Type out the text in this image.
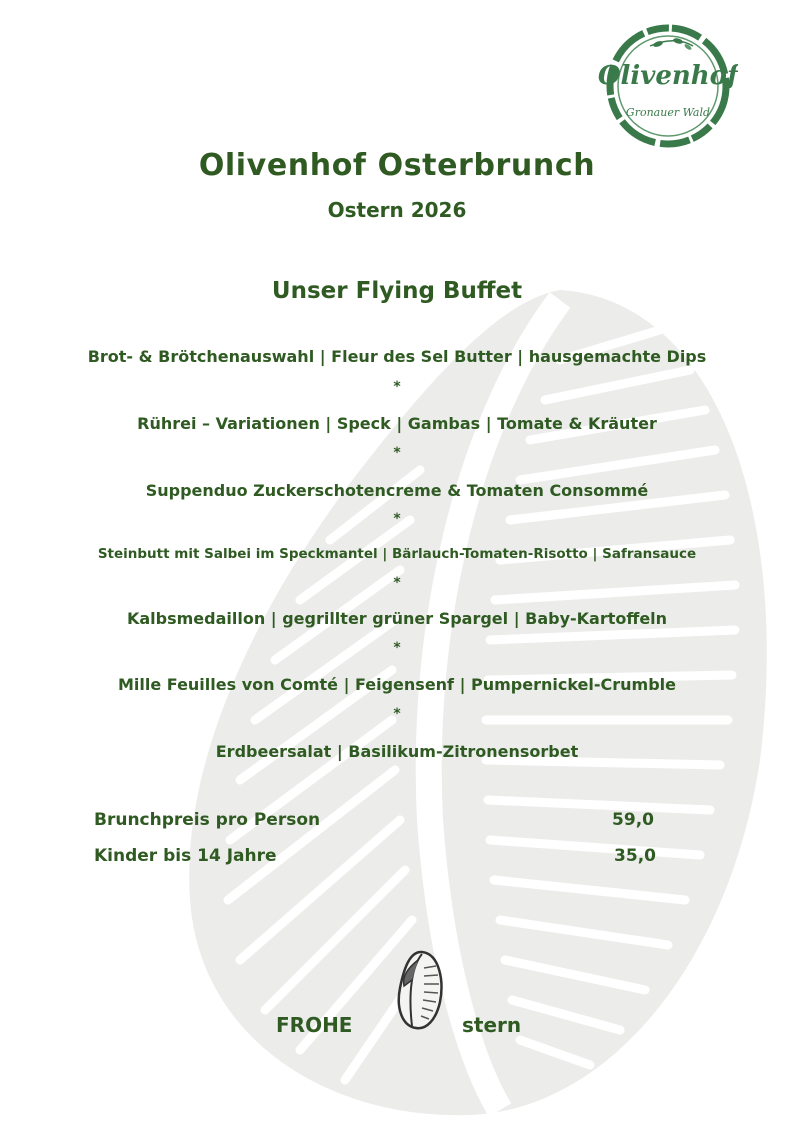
Olivenhof
Gronauer Wald
Olivenhof Osterbrunch
Ostern 2026
Unser Flying Buffet
Brot- & Brötchenauswahl | Fleur des Sel Butter | hausgemachte Dips
*
Rührei – Variationen | Speck | Gambas | Tomate & Kräuter
*
Suppenduo Zuckerschotencreme & Tomaten Consommé
*
Steinbutt mit Salbei im Speckmantel | Bärlauch-Tomaten-Risotto | Safransauce
*
Kalbsmedaillon | gegrillter grüner Spargel | Baby-Kartoffeln
*
Mille Feuilles von Comté | Feigensenf | Pumpernickel-Crumble
*
Erdbeersalat | Basilikum-Zitronensorbet
Brunchpreis pro Person	59,0
Kinder bis 14 Jahre	35,0
FROHE	stern
